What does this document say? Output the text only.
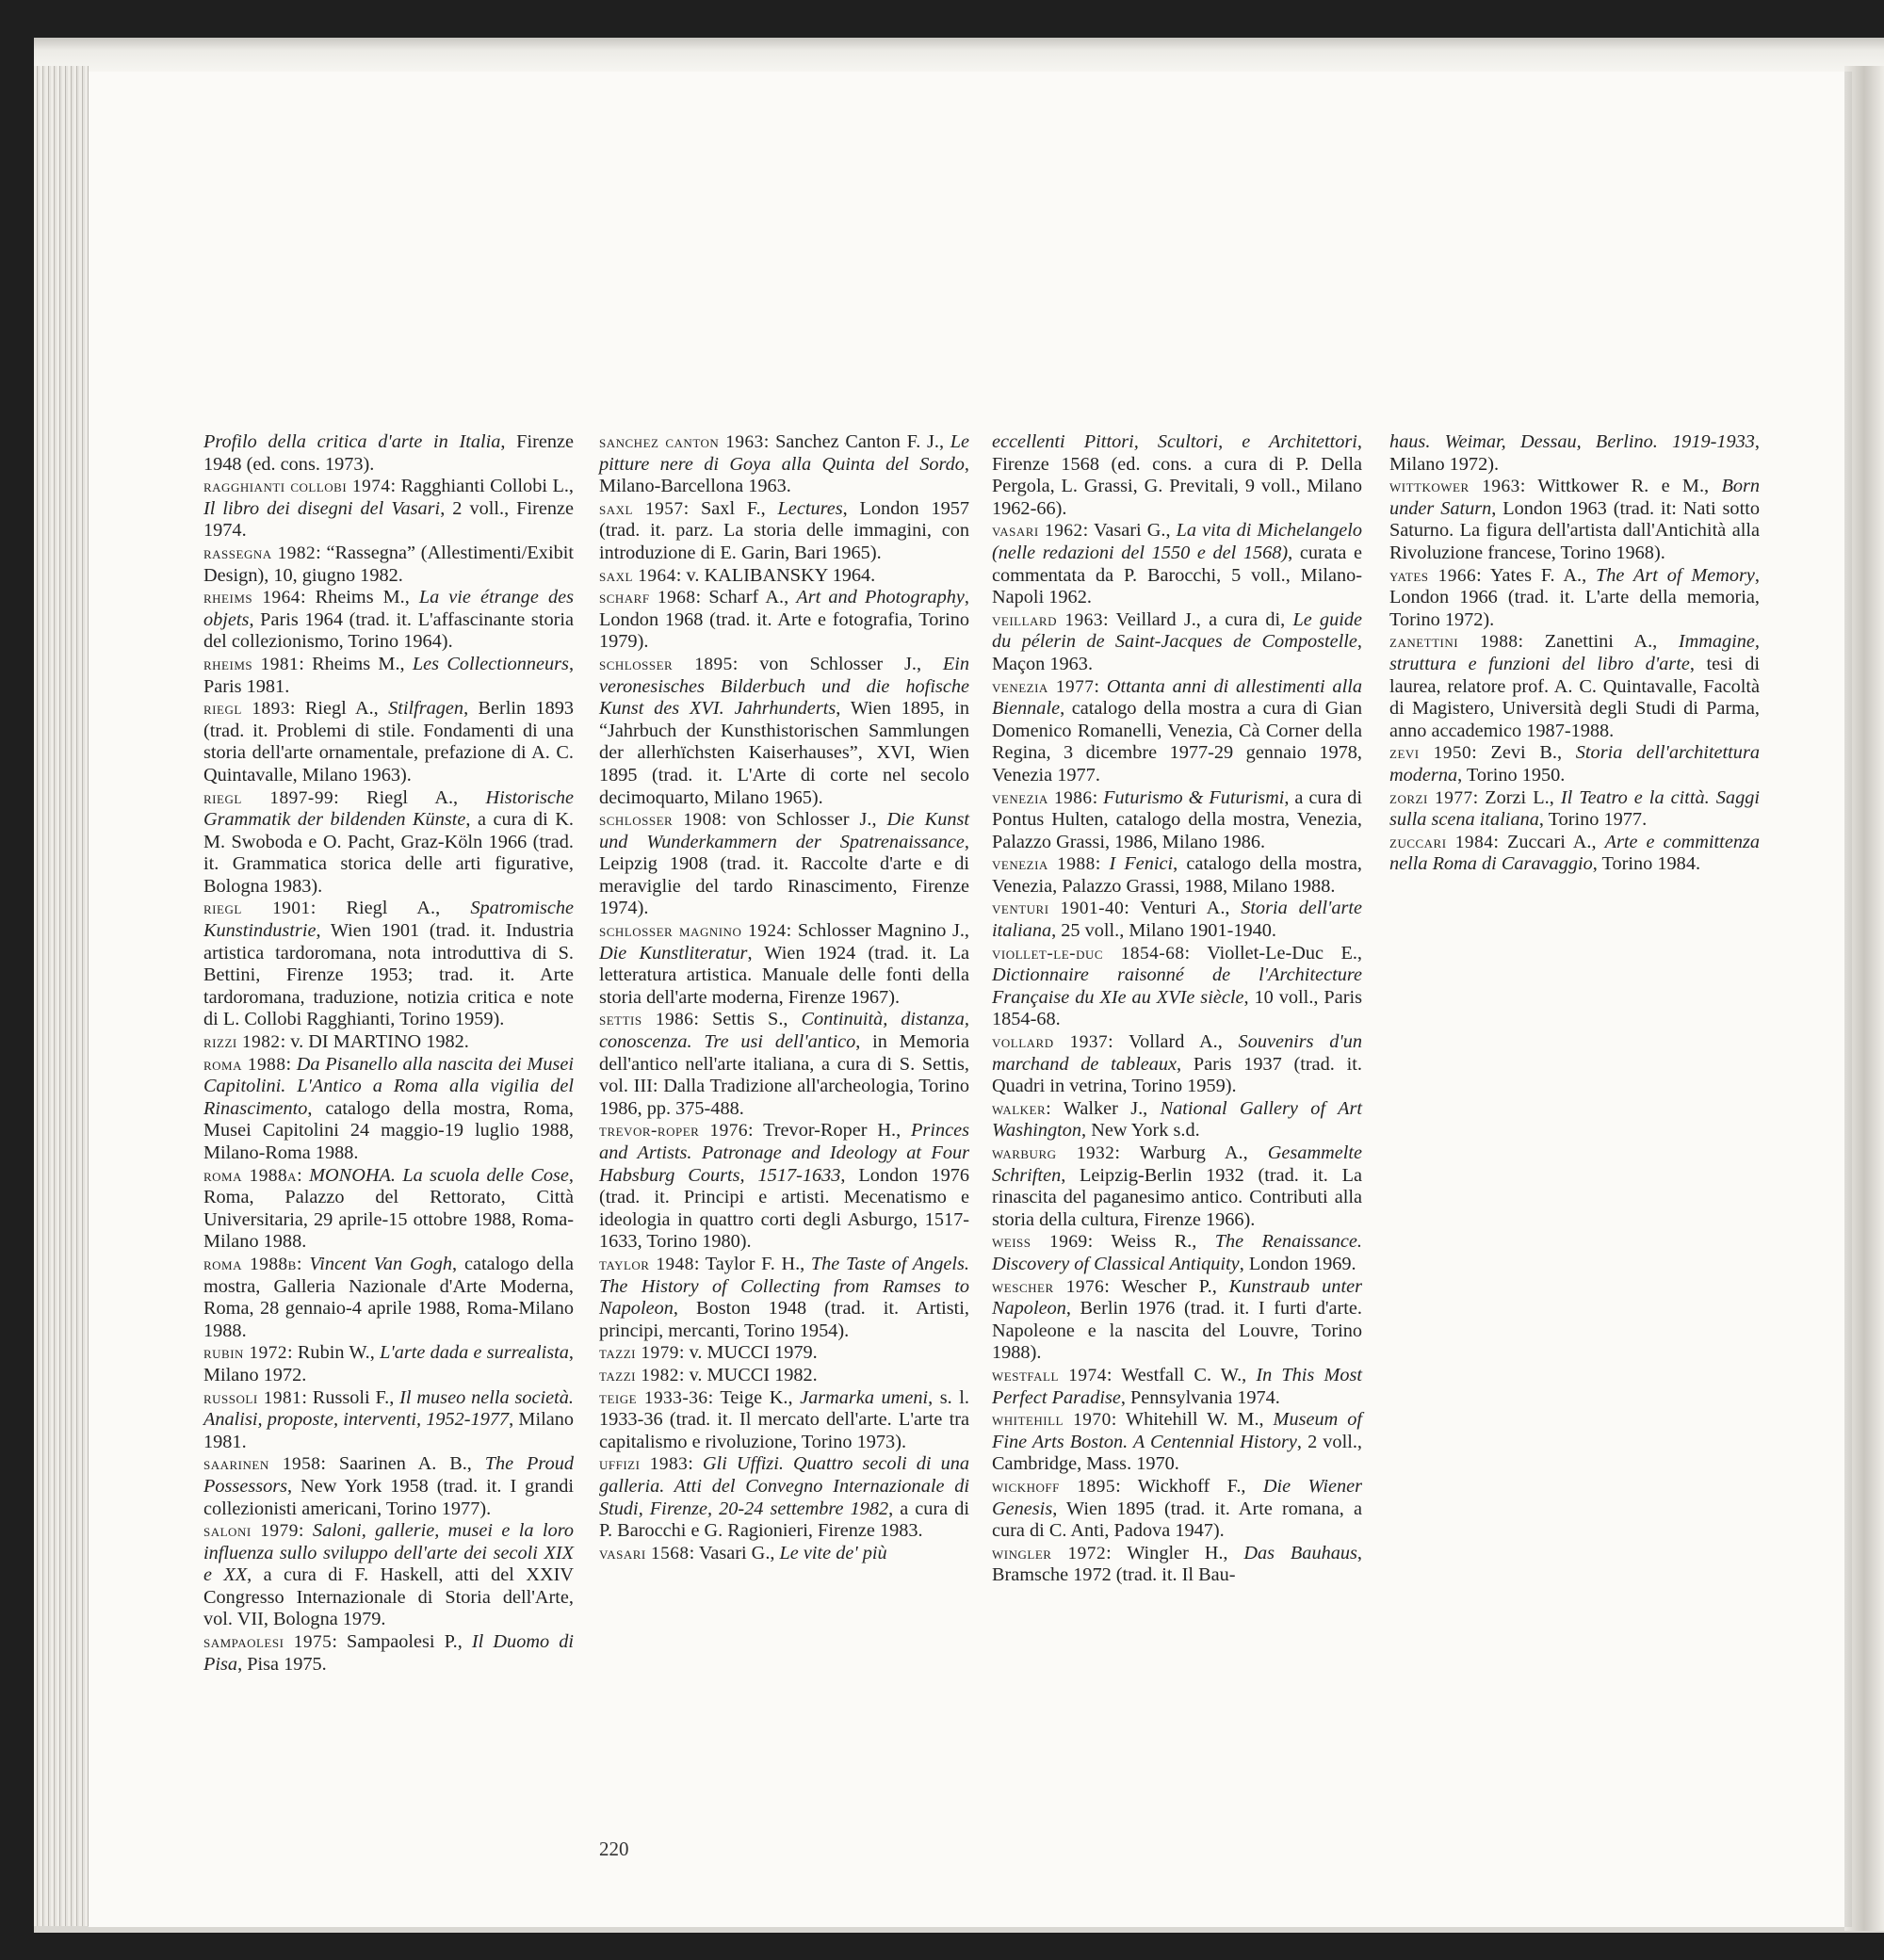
Profilo della critica d'arte in Italia, Firenze 1948 (ed. cons. 1973).

ragghianti collobi 1974: Ragghianti Collobi L., Il libro dei disegni del Vasari, 2 voll., Firenze 1974.

rassegna 1982: “Rassegna” (Allestimenti/Exibit Design), 10, giugno 1982.

rheims 1964: Rheims M., La vie étrange des objets, Paris 1964 (trad. it. L'affascinante storia del collezionismo, Torino 1964).

rheims 1981: Rheims M., Les Collectionneurs, Paris 1981.

riegl 1893: Riegl A., Stilfragen, Berlin 1893 (trad. it. Problemi di stile. Fondamenti di una storia dell'arte ornamentale, prefazione di A. C. Quintavalle, Milano 1963).

riegl 1897-99: Riegl A., Historische Grammatik der bildenden Künste, a cura di K. M. Swoboda e O. Pacht, Graz-Köln 1966 (trad. it. Grammatica storica delle arti figurative, Bologna 1983).

riegl 1901: Riegl A., Spatromische Kunstindustrie, Wien 1901 (trad. it. Industria artistica tardoromana, nota introduttiva di S. Bettini, Firenze 1953; trad. it. Arte tardoromana, traduzione, notizia critica e note di L. Collobi Ragghianti, Torino 1959).

rizzi 1982: v. DI MARTINO 1982.

roma 1988: Da Pisanello alla nascita dei Musei Capitolini. L'Antico a Roma alla vigilia del Rinascimento, catalogo della mostra, Roma, Musei Capitolini 24 maggio-19 luglio 1988, Milano-Roma 1988.

roma 1988a: MONOHA. La scuola delle Cose, Roma, Palazzo del Rettorato, Città Universitaria, 29 aprile-15 ottobre 1988, Roma-Milano 1988.

roma 1988b: Vincent Van Gogh, catalogo della mostra, Galleria Nazionale d'Arte Moderna, Roma, 28 gennaio-4 aprile 1988, Roma-Milano 1988.

rubin 1972: Rubin W., L'arte dada e surrealista, Milano 1972.

russoli 1981: Russoli F., Il museo nella società. Analisi, proposte, interventi, 1952-1977, Milano 1981.

saarinen 1958: Saarinen A. B., The Proud Possessors, New York 1958 (trad. it. I grandi collezionisti americani, Torino 1977).

saloni 1979: Saloni, gallerie, musei e la loro influenza sullo sviluppo dell'arte dei secoli XIX e XX, a cura di F. Haskell, atti del XXIV Congresso Internazionale di Storia dell'Arte, vol. VII, Bologna 1979.

sampaolesi 1975: Sampaolesi P., Il Duomo di Pisa, Pisa 1975.

sanchez canton 1963: Sanchez Canton F. J., Le pitture nere di Goya alla Quinta del Sordo, Milano-Barcellona 1963.

saxl 1957: Saxl F., Lectures, London 1957 (trad. it. parz. La storia delle immagini, con introduzione di E. Garin, Bari 1965).

saxl 1964: v. KALIBANSKY 1964.

scharf 1968: Scharf A., Art and Photography, London 1968 (trad. it. Arte e fotografia, Torino 1979).

schlosser 1895: von Schlosser J., Ein veronesisches Bilderbuch und die hofische Kunst des XVI. Jahrhunderts, Wien 1895, in “Jahrbuch der Kunsthistorischen Sammlungen der allerhïchsten Kaiserhauses”, XVI, Wien 1895 (trad. it. L'Arte di corte nel secolo decimoquarto, Milano 1965).

schlosser 1908: von Schlosser J., Die Kunst und Wunderkammern der Spatrenaissance, Leipzig 1908 (trad. it. Raccolte d'arte e di meraviglie del tardo Rinascimento, Firenze 1974).

schlosser magnino 1924: Schlosser Magnino J., Die Kunstliteratur, Wien 1924 (trad. it. La letteratura artistica. Manuale delle fonti della storia dell'arte moderna, Firenze 1967).

settis 1986: Settis S., Continuità, distanza, conoscenza. Tre usi dell'antico, in Memoria dell'antico nell'arte italiana, a cura di S. Settis, vol. III: Dalla Tradizione all'archeologia, Torino 1986, pp. 375-488.

trevor-roper 1976: Trevor-Roper H., Princes and Artists. Patronage and Ideology at Four Habsburg Courts, 1517-1633, London 1976 (trad. it. Principi e artisti. Mecenatismo e ideologia in quattro corti degli Asburgo, 1517-1633, Torino 1980).

taylor 1948: Taylor F. H., The Taste of Angels. The History of Collecting from Ramses to Napoleon, Boston 1948 (trad. it. Artisti, principi, mercanti, Torino 1954).

tazzi 1979: v. MUCCI 1979.

tazzi 1982: v. MUCCI 1982.

teige 1933-36: Teige K., Jarmarka umeni, s. l. 1933-36 (trad. it. Il mercato dell'arte. L'arte tra capitalismo e rivoluzione, Torino 1973).

uffizi 1983: Gli Uffizi. Quattro secoli di una galleria. Atti del Convegno Internazionale di Studi, Firenze, 20-24 settembre 1982, a cura di P. Barocchi e G. Ragionieri, Firenze 1983.

vasari 1568: Vasari G., Le vite de' più

eccellenti Pittori, Scultori, e Architettori, Firenze 1568 (ed. cons. a cura di P. Della Pergola, L. Grassi, G. Previtali, 9 voll., Milano 1962-66).

vasari 1962: Vasari G., La vita di Michelangelo (nelle redazioni del 1550 e del 1568), curata e commentata da P. Barocchi, 5 voll., Milano-Napoli 1962.

veillard 1963: Veillard J., a cura di, Le guide du pélerin de Saint-Jacques de Compostelle, Maçon 1963.

venezia 1977: Ottanta anni di allestimenti alla Biennale, catalogo della mostra a cura di Gian Domenico Romanelli, Venezia, Cà Corner della Regina, 3 dicembre 1977-29 gennaio 1978, Venezia 1977.

venezia 1986: Futurismo & Futurismi, a cura di Pontus Hulten, catalogo della mostra, Venezia, Palazzo Grassi, 1986, Milano 1986.

venezia 1988: I Fenici, catalogo della mostra, Venezia, Palazzo Grassi, 1988, Milano 1988.

venturi 1901-40: Venturi A., Storia dell'arte italiana, 25 voll., Milano 1901-1940.

viollet-le-duc 1854-68: Viollet-Le-Duc E., Dictionnaire raisonné de l'Architecture Française du XIe au XVIe siècle, 10 voll., Paris 1854-68.

vollard 1937: Vollard A., Souvenirs d'un marchand de tableaux, Paris 1937 (trad. it. Quadri in vetrina, Torino 1959).

walker: Walker J., National Gallery of Art Washington, New York s.d.

warburg 1932: Warburg A., Gesammelte Schriften, Leipzig-Berlin 1932 (trad. it. La rinascita del paganesimo antico. Contributi alla storia della cultura, Firenze 1966).

weiss 1969: Weiss R., The Renaissance. Discovery of Classical Antiquity, London 1969.

wescher 1976: Wescher P., Kunstraub unter Napoleon, Berlin 1976 (trad. it. I furti d'arte. Napoleone e la nascita del Louvre, Torino 1988).

westfall 1974: Westfall C. W., In This Most Perfect Paradise, Pennsylvania 1974.

whitehill 1970: Whitehill W. M., Museum of Fine Arts Boston. A Centennial History, 2 voll., Cambridge, Mass. 1970.

wickhoff 1895: Wickhoff F., Die Wiener Genesis, Wien 1895 (trad. it. Arte romana, a cura di C. Anti, Padova 1947).

wingler 1972: Wingler H., Das Bauhaus, Bramsche 1972 (trad. it. Il Bau-

haus. Weimar, Dessau, Berlino. 1919-1933, Milano 1972).

wittkower 1963: Wittkower R. e M., Born under Saturn, London 1963 (trad. it: Nati sotto Saturno. La figura dell'artista dall'Antichità alla Rivoluzione francese, Torino 1968).

yates 1966: Yates F. A., The Art of Memory, London 1966 (trad. it. L'arte della memoria, Torino 1972).

zanettini 1988: Zanettini A., Immagine, struttura e funzioni del libro d'arte, tesi di laurea, relatore prof. A. C. Quintavalle, Facoltà di Magistero, Università degli Studi di Parma, anno accademico 1987-1988.

zevi 1950: Zevi B., Storia dell'architettura moderna, Torino 1950.

zorzi 1977: Zorzi L., Il Teatro e la città. Saggi sulla scena italiana, Torino 1977.

zuccari 1984: Zuccari A., Arte e committenza nella Roma di Caravaggio, Torino 1984.

220
